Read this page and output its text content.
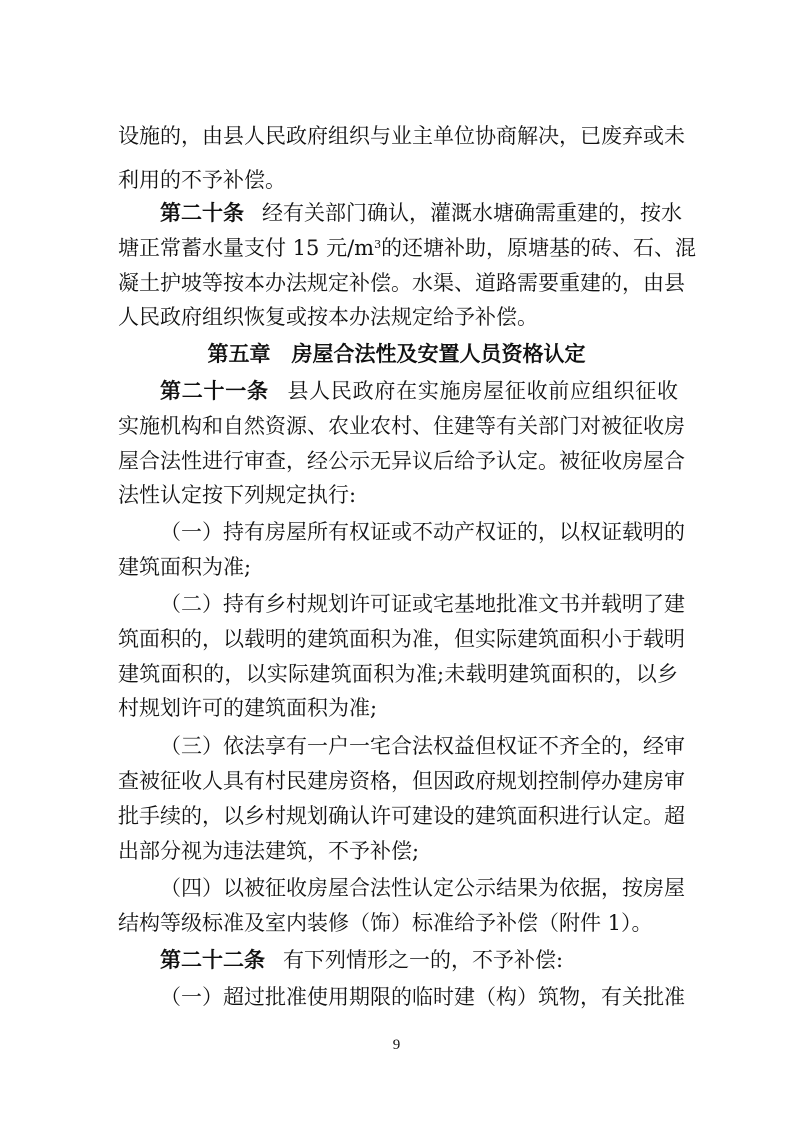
设施的，由县人民政府组织与业主单位协商解决，已废弃或未
利用的不予补偿。
第二十条 经有关部门确认，灌溉水塘确需重建的，按水
塘正常蓄水量支付 15 元$/m^3$的还塘补助，原塘基的砖、石、混
凝土护坡等按本办法规定补偿。水渠、道路需要重建的，由县
人民政府组织恢复或按本办法规定给予补偿。
第五章　房屋合法性及安置人员资格认定
第二十一条 县人民政府在实施房屋征收前应组织征收
实施机构和自然资源、农业农村、住建等有关部门对被征收房
屋合法性进行审查，经公示无异议后给予认定。被征收房屋合
法性认定按下列规定执行:
（一）持有房屋所有权证或不动产权证的，以权证载明的
建筑面积为准;
（二）持有乡村规划许可证或宅基地批准文书并载明了建
筑面积的，以载明的建筑面积为准，但实际建筑面积小于载明
建筑面积的，以实际建筑面积为准;未载明建筑面积的，以乡
村规划许可的建筑面积为准;
（三）依法享有一户一宅合法权益但权证不齐全的，经审
查被征收人具有村民建房资格，但因政府规划控制停办建房审
批手续的，以乡村规划确认许可建设的建筑面积进行认定。超
出部分视为违法建筑，不予补偿;
（四）以被征收房屋合法性认定公示结果为依据，按房屋
结构等级标准及室内装修（饰）标准给予补偿（附件 1）。
第二十二条 有下列情形之一的，不予补偿:
（一）超过批准使用期限的临时建（构）筑物，有关批准
9
